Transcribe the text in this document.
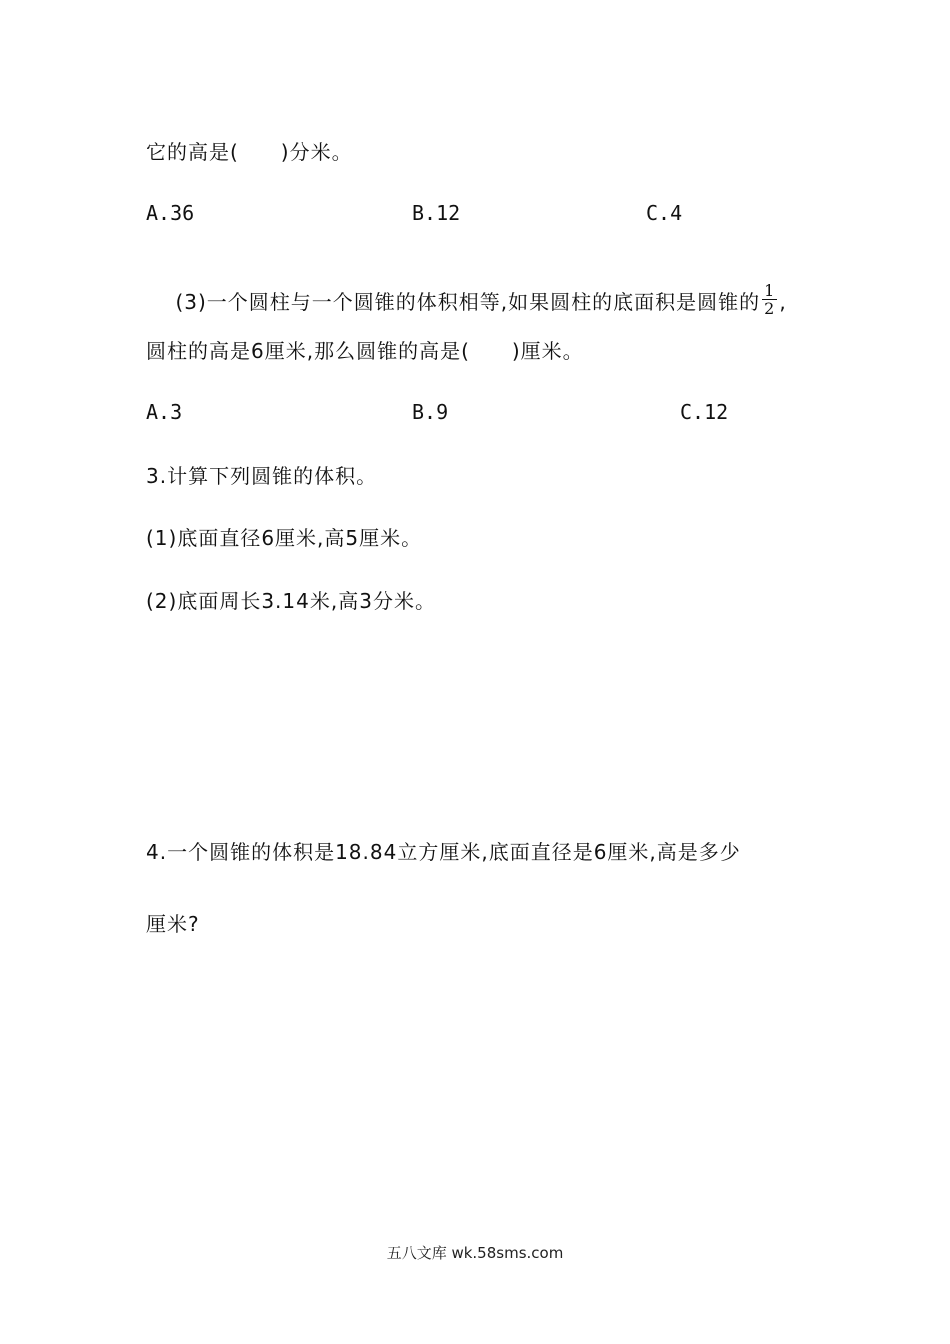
它的高是(　　)分米。
A.36	B.12	C.4

(3)一个圆柱与一个圆锥的体积相等,如果圆柱的底面积是圆锥的 $\frac{1}{2}$ ,

圆柱的高是6厘米,那么圆锥的高是(　　)厘米。
A.3	B.9	C.12
3.计算下列圆锥的体积。
(1)底面直径6厘米,高5厘米。
(2)底面周长3.14米,高3分米。
4.一个圆锥的体积是18.84立方厘米,底面直径是6厘米,高是多少
厘米?
五八文库 wk.58sms.com
